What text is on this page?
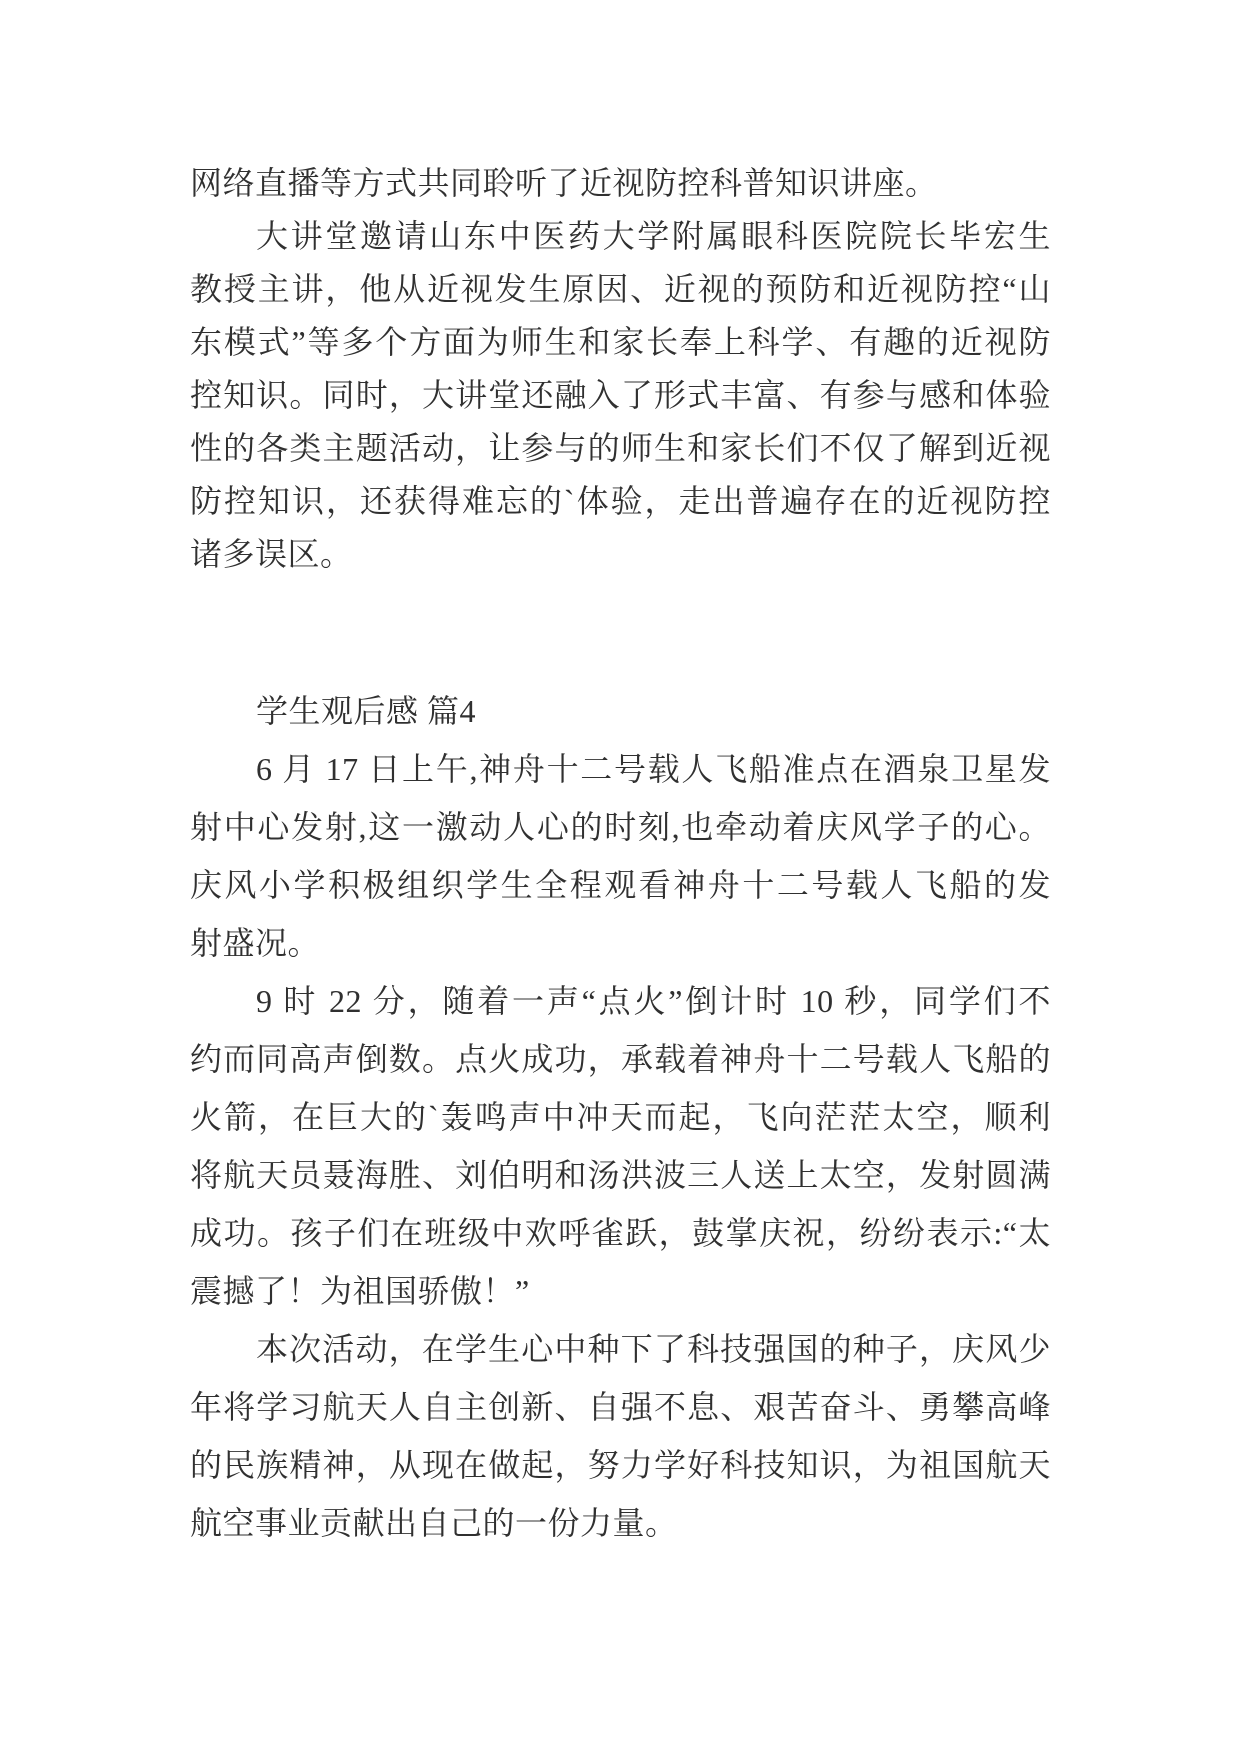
网络直播等方式共同聆听了近视防控科普知识讲座。
大讲堂邀请山东中医药大学附属眼科医院院长毕宏生
教授主讲，他从近视发生原因、近视的预防和近视防控“山
东模式”等多个方面为师生和家长奉上科学、有趣的近视防
控知识。同时，大讲堂还融入了形式丰富、有参与感和体验
性的各类主题活动，让参与的师生和家长们不仅了解到近视
防控知识，还获得难忘的`体验，走出普遍存在的近视防控
诸多误区。
学生观后感 篇4
6 月 17 日上午,神舟十二号载人飞船准点在酒泉卫星发
射中心发射,这一激动人心的时刻,也牵动着庆风学子的心。
庆风小学积极组织学生全程观看神舟十二号载人飞船的发
射盛况。
9 时 22 分，随着一声“点火”倒计时 10 秒，同学们不
约而同高声倒数。点火成功，承载着神舟十二号载人飞船的
火箭，在巨大的`轰鸣声中冲天而起，飞向茫茫太空，顺利
将航天员聂海胜、刘伯明和汤洪波三人送上太空，发射圆满
成功。孩子们在班级中欢呼雀跃，鼓掌庆祝，纷纷表示:“太
震撼了！为祖国骄傲！”
本次活动，在学生心中种下了科技强国的种子，庆风少
年将学习航天人自主创新、自强不息、艰苦奋斗、勇攀高峰
的民族精神，从现在做起，努力学好科技知识，为祖国航天
航空事业贡献出自己的一份力量。
